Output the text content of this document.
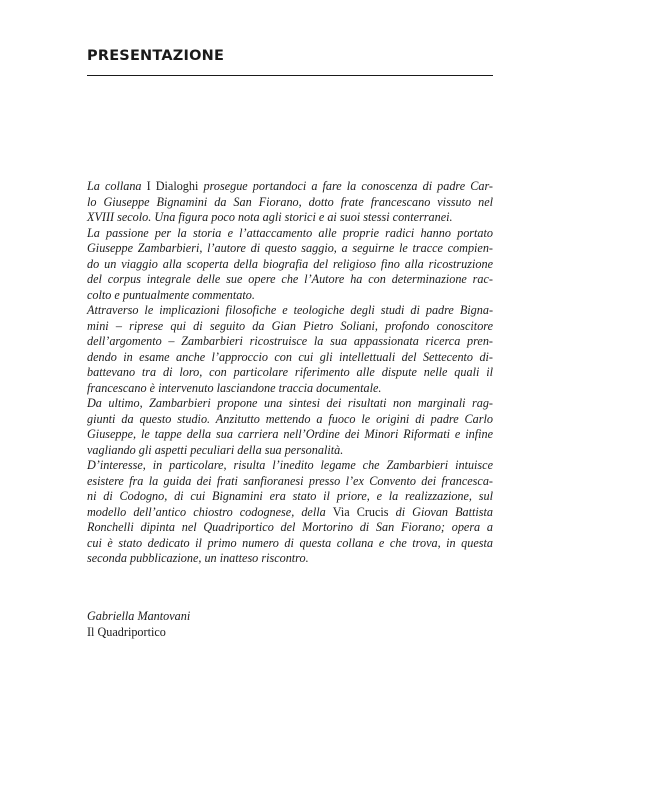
PRESENTAZIONE
La collana I Dialoghi prosegue portandoci a fare la conoscenza di padre Car-
lo Giuseppe Bignamini da San Fiorano, dotto frate francescano vissuto nel
XVIII secolo. Una figura poco nota agli storici e ai suoi stessi conterranei.
La passione per la storia e l’attaccamento alle proprie radici hanno portato
Giuseppe Zambarbieri, l’autore di questo saggio, a seguirne le tracce compien-
do un viaggio alla scoperta della biografia del religioso fino alla ricostruzione
del corpus integrale delle sue opere che l’Autore ha con determinazione rac-
colto e puntualmente commentato.
Attraverso le implicazioni filosofiche e teologiche degli studi di padre Bigna-
mini – riprese qui di seguito da Gian Pietro Soliani, profondo conoscitore
dell’argomento – Zambarbieri ricostruisce la sua appassionata ricerca pren-
dendo in esame anche l’approccio con cui gli intellettuali del Settecento di-
battevano tra di loro, con particolare riferimento alle dispute nelle quali il
francescano è intervenuto lasciandone traccia documentale.
Da ultimo, Zambarbieri propone una sintesi dei risultati non marginali rag-
giunti da questo studio. Anzitutto mettendo a fuoco le origini di padre Carlo
Giuseppe, le tappe della sua carriera nell’Ordine dei Minori Riformati e infine
vagliando gli aspetti peculiari della sua personalità.
D’interesse, in particolare, risulta l’inedito legame che Zambarbieri intuisce
esistere fra la guida dei frati sanfioranesi presso l’ex Convento dei francesca-
ni di Codogno, di cui Bignamini era stato il priore, e la realizzazione, sul
modello dell’antico chiostro codognese, della Via Crucis di Giovan Battista
Ronchelli dipinta nel Quadriportico del Mortorino di San Fiorano; opera a
cui è stato dedicato il primo numero di questa collana e che trova, in questa
seconda pubblicazione, un inatteso riscontro.
Gabriella Mantovani
Il Quadriportico
